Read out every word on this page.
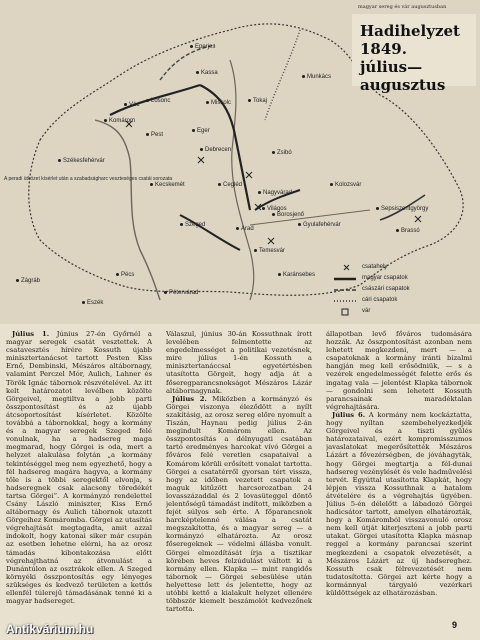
magyar sereg és vár augusztusban
Hadihelyzet
1849.
július—augusztus
Eperjes
Kassa
Munkács
Losonc	Miskolc	Tokaj
Komárom
Vác
Pest
Eger
Debrecen	Zsibó
Székesfehérvár
Cegléd
Nagyvárad
Kecskemét	Kolozsvár
Szeged
Arad
Gyulafehérvár
Világos
Pécs
Temesvár
Zágráb
Eszék
Pétervárad
Karánsebes
Sepsiszentgyörgy
Brassó
Borosjenő
A peradi ütközet kísérlet után a szabadságharc veszteséges csatái sorozata
csatahely
magyar csapatok
császári csapatok
cári csapatok
vár

Július 1. Június 27-én Győrnél a magyar seregek csatát vesztettek. A csatavesztés hírére Kossuth újabb minisztertanácsot tartott Pesten Kiss Ernő, Dembinski, Mészáros altábornagy, valamint Perczel Mór, Aulich, Lahner és Török Ignác tábornok részvételével. Az itt kelt határozatot levélben közölte Görgeivel, megtiltva a jobb parti összpontosítást és az újabb átcsoportosítást kísérletet. Közölte továbbá a tábornokkal, hogy a kormány és a magyar seregek Szeged felé vonulnak, ha a hadsereg maga megmarad, hogy Görgei is oda, mert a helyzet alakulása folytán „a kormány tekintéséggel meg nem egyezhető, hogy a fél hadsereg magára hagyva, a kormány tőle is a többi seregektől elvonja, s hadseregnek csak alacsony töredékét tartsa Görgei”. A kormányzó rendelettel Csány László miniszter, Kiss Ernő altábornagy és Aulich tábornok utazott Görgeihez Komáromba. Görgei az utasítás végrehajtását megtagadta, amit azzal indokolt, hogy katonai siker már csupán az esetben lehetne elérni, ha az orosz támadás kibontakozása előtt végrehajthatná az átvonulást a Dunántúlon az osztrákok ellen. A Szeged környéki összpontosítás egy lényeges szükséges és kedvező területen a kettős ellenfél túlerejű támadásának tenné ki a magyar hadsereget.

Válaszul, június 30-án Kossuthnak írott levelében felmentette az engedelmességet a politikai vezetésnek, mire július 1-én Kossuth a minisztertanáccsal egyetértésben utasította Görgeit, hogy adja át a főseregparancsnokságot Mészáros Lázár altábornagynak.

Július 2. Miközben a kormányzó és Görgei viszonya éleződött a nyílt szakításig, az orosz sereg előre nyomult a Tiszán, Haynau pedig július 2-án megindult Komárom ellen. Az összpontosítás a délnyugati csatában tartó eredményes harcokat vívó Görgei a főváros felé veretlen csapataival a Komárom körüli erősített vonalat tartotta. Görgei a csatatérről gyorsan tért vissza, hogy az időben vezetett csapatok a maguk kitűzött harcsorozatban 24 lovasszázaddal és 2 lovasüteggel döntő jelentőségű támadást indított, miközben a fejét súlyos seb érte. A főparancsnok harcképtelenné válása a csatát megszakította, és a magyar sereg — a kormányzó elhatározta. Az orosz főseregeknek — védelmi állásba vonult. Görgei elmozdítását írja a tisztikar körében heves felzúdulást váltott ki a kormány ellen. Klapka — mint rangidős tábornok — Görgei sebesülése után helyettese lett és jelentette, hogy az utóbbi kettő a kialakult helyzet ellenére többször kiemelt beszámolót kedvezőnek tartotta.

állapotban levő főváros tudomására hozzák. Az összpontosítást azonban nem lehetett megkezdeni, mert — a csapatoknak a kormány iránti bizalmi hangján meg kell erősödniük, — s a vezérek engedelmességét felette erős és ingatag vala — jelentést Klapka tábornok — gondolni sem lehetett Kossuth parancsainak maradéktalan végrehajtására.

Július 6. A kormány nem kockáztatta, hogy nyíltan szembehelyezkedjék Görgeivel és a tiszti gyűlés határozataival, ezért kompromisszumos javaslatokat megerősítették Mészáros Lázárt a fővezérségben, de jóváhagyták, hogy Görgei megtartja a fél-dunai hadsereg vezénylését és vele hadművelési tervét. Egyúttal utasította Klapkát, hogy lépjen vissza Kossuthnak a hatalom átvételére és a végrehajtás ügyében. Július 5-én délelőtt a lábadozó Görgei hadicsátor tartott, amelyen elhatározták, hogy a Komáromból visszavonuló orosz nem kell útját kiterjeszteni a jobb parti utakat. Görgei utasította Klapka másnap reggel a kormány parancsai szerint megkezdeni a csapatok elvezetését, a Mészáros Lázárt az új hadsereghez. Kossuth csak félrevezetését nem tudatosította. Görgei azt kérte hogy a kormánnyal tárgyaló vezérkari küldöttségek az elhatározásban.

9
Antikvárium.hu
